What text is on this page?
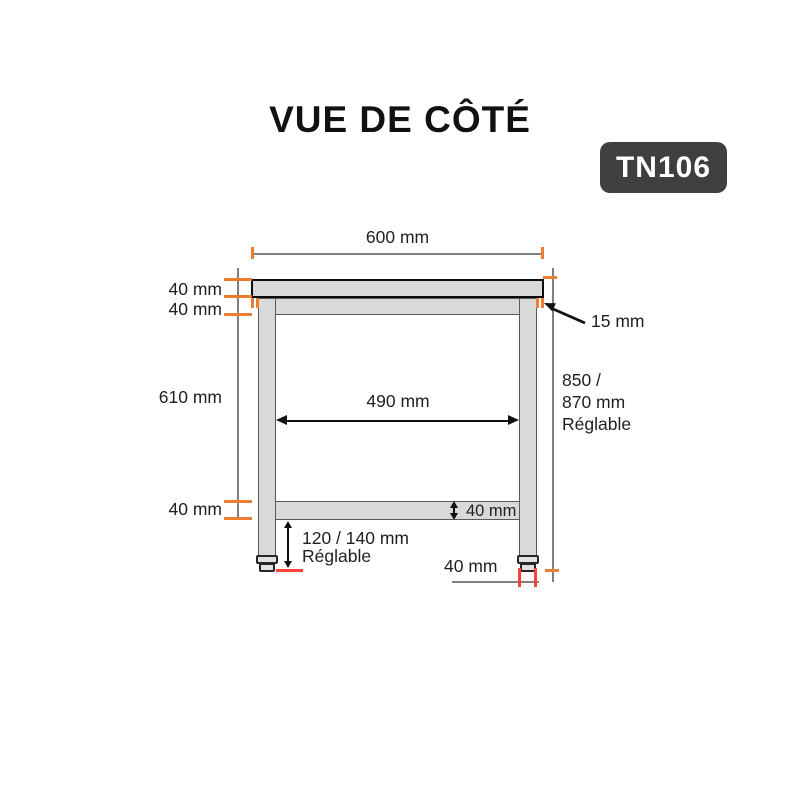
VUE DE CÔTÉ
TN106
600 mm
40 mm
40 mm
610 mm
40 mm
490 mm
40 mm
120 / 140 mm
Réglable	40 mm
15 mm
850 /
870 mm
Réglable
